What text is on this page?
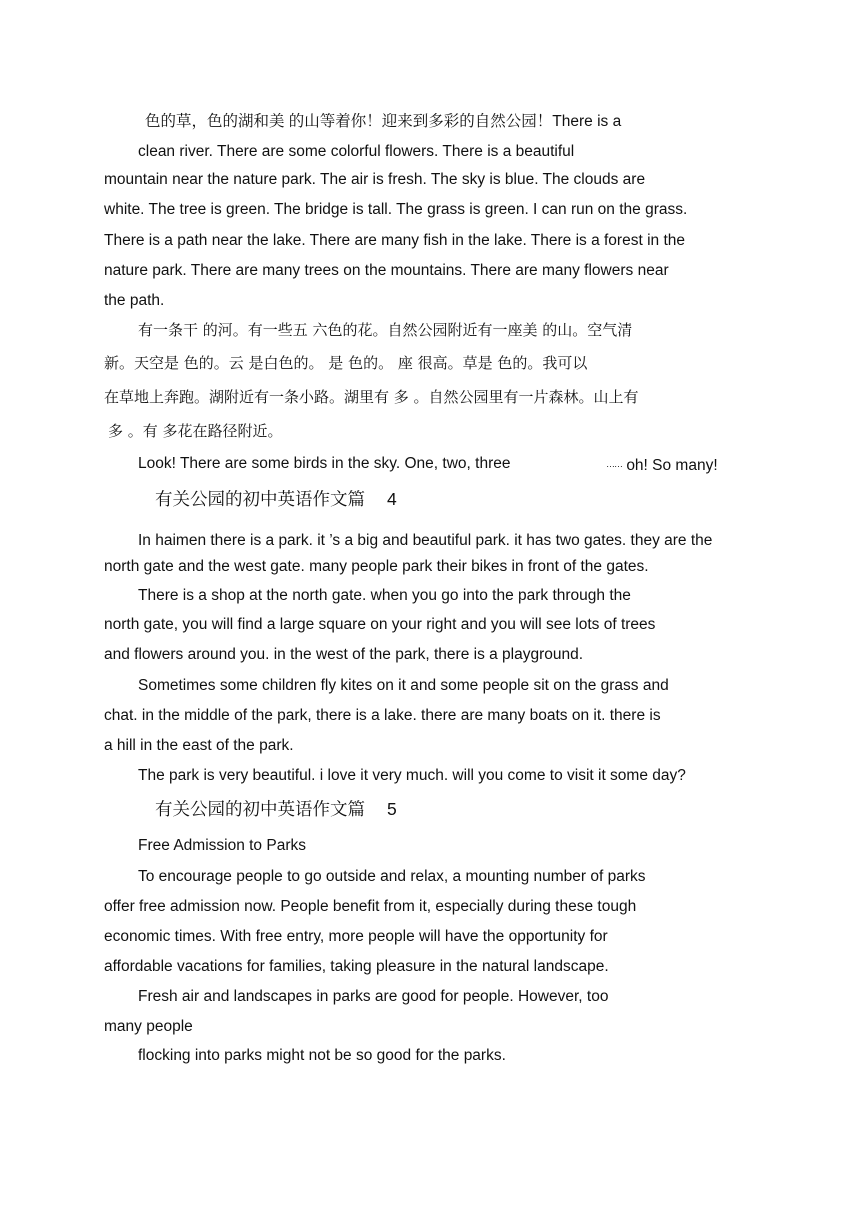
色的草，色的湖和美 的山等着你！迎来到多彩的自然公园！There is a
clean river. There are some colorful flowers. There is a beautiful
mountain near the nature park. The air is fresh. The sky is blue. The clouds are
white. The tree is green. The bridge is tall. The grass is green. I can run on the grass.
There is a path near the lake. There are many fish in the lake. There is a forest in the
nature park. There are many trees on the mountains. There are many flowers near
the path.
有一条干 的河。有一些五 六色的花。自然公园附近有一座美 的山。空气清
新。天空是 色的。云 是白色的。 是 色的。 座 很高。草是 色的。我可以
在草地上奔跑。湖附近有一条小路。湖里有 多 。自然公园里有一片森林。山上有
多 。有 多花在路径附近。
Look! There are some birds in the sky. One, two, three	…… oh! So many!
有关公园的初中英语作文篇 4
In haimen there is a park. it ’s a big and beautiful park. it has two gates. they are the
north gate and the west gate. many people park their bikes in front of the gates.
There is a shop at the north gate. when you go into the park through the
north gate, you will find a large square on your right and you will see lots of trees
and flowers around you. in the west of the park, there is a playground.
Sometimes some children fly kites on it and some people sit on the grass and
chat. in the middle of the park, there is a lake. there are many boats on it. there is
a hill in the east of the park.
The park is very beautiful. i love it very much. will you come to visit it some day?
有关公园的初中英语作文篇 5
Free Admission to Parks
To encourage people to go outside and relax, a mounting number of parks
offer free admission now. People benefit from it, especially during these tough
economic times. With free entry, more people will have the opportunity for
affordable vacations for families, taking pleasure in the natural landscape.
Fresh air and landscapes in parks are good for people. However, too
many people
flocking into parks might not be so good for the parks.
